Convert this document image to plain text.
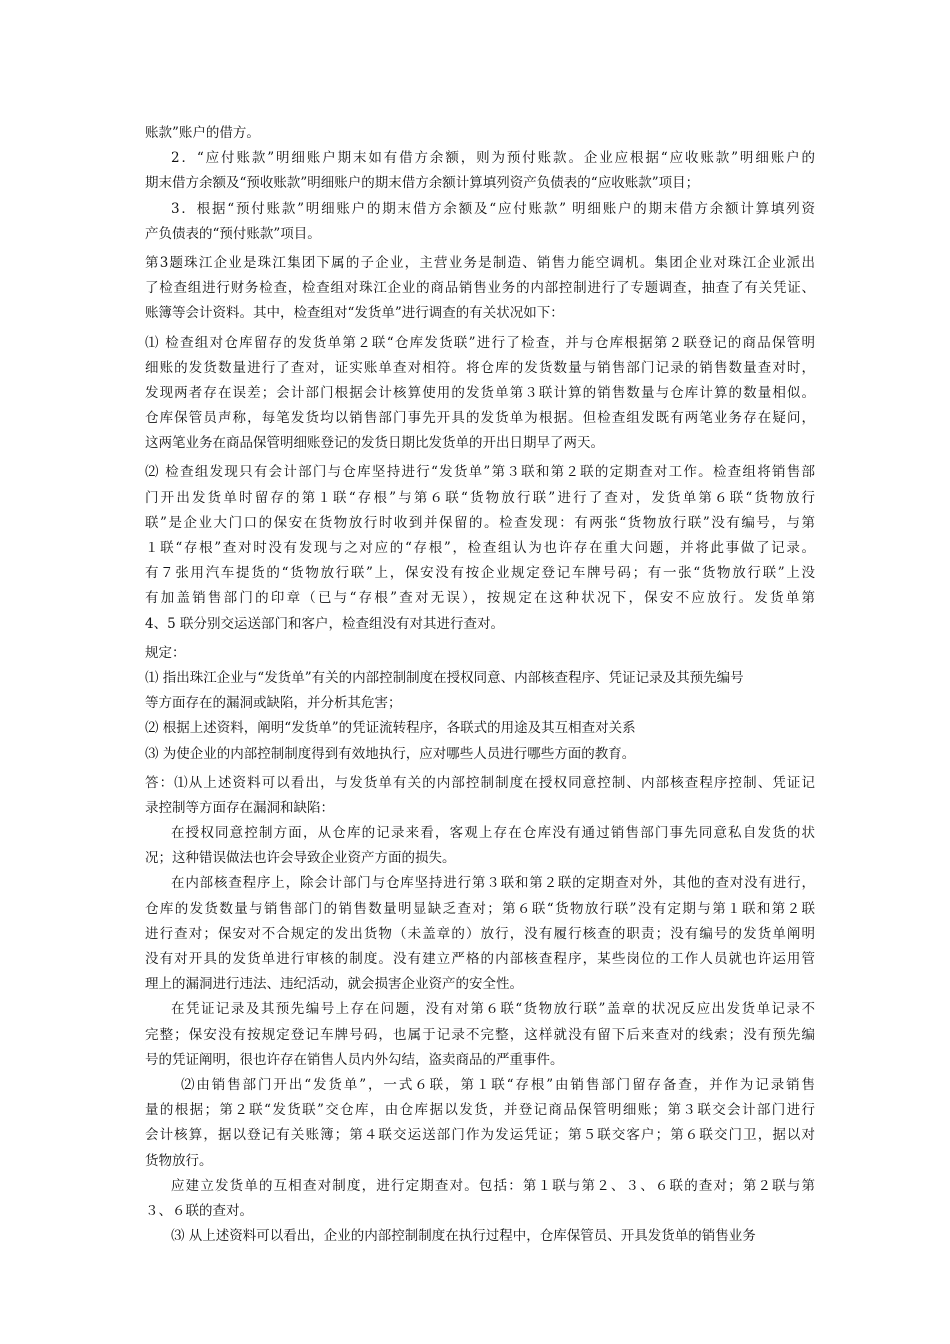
账款”账户的借方。
2．“应付账款”明细账户期末如有借方余额，则为预付账款。企业应根据“应收账款”明细账户的
期末借方余额及“预收账款”明细账户的期末借方余额计算填列资产负债表的“应收账款”项目；
3．根据“预付账款”明细账户的期末借方余额及“应付账款” 明细账户的期末借方余额计算填列资
产负债表的“预付账款”项目。
第3题珠江企业是珠江集团下属的子企业，主营业务是制造、销售力能空调机。集团企业对珠江企业派出
了检查组进行财务检查，检查组对珠江企业的商品销售业务的内部控制进行了专题调查，抽查了有关凭证、
账簿等会计资料。其中，检查组对“发货单”进行调查的有关状况如下：
⑴ 检查组对仓库留存的发货单第２联“仓库发货联”进行了检查，并与仓库根据第２联登记的商品保管明
细账的发货数量进行了查对，证实账单查对相符。将仓库的发货数量与销售部门记录的销售数量查对时，
发现两者存在误差；会计部门根据会计核算使用的发货单第３联计算的销售数量与仓库计算的数量相似。
仓库保管员声称，每笔发货均以销售部门事先开具的发货单为根据。但检查组发既有两笔业务存在疑问，
这两笔业务在商品保管明细账登记的发货日期比发货单的开出日期早了两天。
⑵ 检查组发现只有会计部门与仓库坚持进行“发货单”第３联和第２联的定期查对工作。检查组将销售部
门开出发货单时留存的第１联“存根”与第６联“货物放行联”进行了查对，发货单第６联“货物放行
联”是企业大门口的保安在货物放行时收到并保留的。检查发现：有两张“货物放行联”没有编号，与第
１联“存根”查对时没有发现与之对应的“存根”，检查组认为也许存在重大问题，并将此事做了记录。
有７张用汽车提货的“货物放行联”上，保安没有按企业规定登记车牌号码；有一张“货物放行联”上没
有加盖销售部门的印章（已与“存根”查对无误），按规定在这种状况下，保安不应放行。发货单第
4、5 联分别交运送部门和客户，检查组没有对其进行查对。
规定：
⑴ 指出珠江企业与“发货单”有关的内部控制制度在授权同意、内部核查程序、凭证记录及其预先编号
等方面存在的漏洞或缺陷，并分析其危害；
⑵ 根据上述资料，阐明“发货单”的凭证流转程序，各联式的用途及其互相查对关系
⑶ 为使企业的内部控制制度得到有效地执行，应对哪些人员进行哪些方面的教育。
答：⑴从上述资料可以看出，与发货单有关的内部控制制度在授权同意控制、内部核查程序控制、凭证记
录控制等方面存在漏洞和缺陷：
在授权同意控制方面，从仓库的记录来看，客观上存在仓库没有通过销售部门事先同意私自发货的状
况；这种错误做法也许会导致企业资产方面的损失。
在内部核查程序上，除会计部门与仓库坚持进行第３联和第２联的定期查对外，其他的查对没有进行，
仓库的发货数量与销售部门的销售数量明显缺乏查对；第６联“货物放行联”没有定期与第１联和第２联
进行查对；保安对不合规定的发出货物（未盖章的）放行，没有履行核查的职责；没有编号的发货单阐明
没有对开具的发货单进行审核的制度。没有建立严格的内部核查程序，某些岗位的工作人员就也许运用管
理上的漏洞进行违法、违纪活动，就会损害企业资产的安全性。
在凭证记录及其预先编号上存在问题，没有对第６联“货物放行联”盖章的状况反应出发货单记录不
完整；保安没有按规定登记车牌号码，也属于记录不完整，这样就没有留下后来查对的线索；没有预先编
号的凭证阐明，很也许存在销售人员内外勾结，盗卖商品的严重事件。
⑵由销售部门开出“发货单”，一式６联，第１联“存根”由销售部门留存备查，并作为记录销售
量的根据；第２联“发货联”交仓库，由仓库据以发货，并登记商品保管明细账；第３联交会计部门进行
会计核算，据以登记有关账簿；第４联交运送部门作为发运凭证；第５联交客户；第６联交门卫，据以对
货物放行。
应建立发货单的互相查对制度，进行定期查对。包括：第１联与第２、３、６联的查对；第２联与第
３、６联的查对。
⑶ 从上述资料可以看出，企业的内部控制制度在执行过程中，仓库保管员、开具发货单的销售业务
